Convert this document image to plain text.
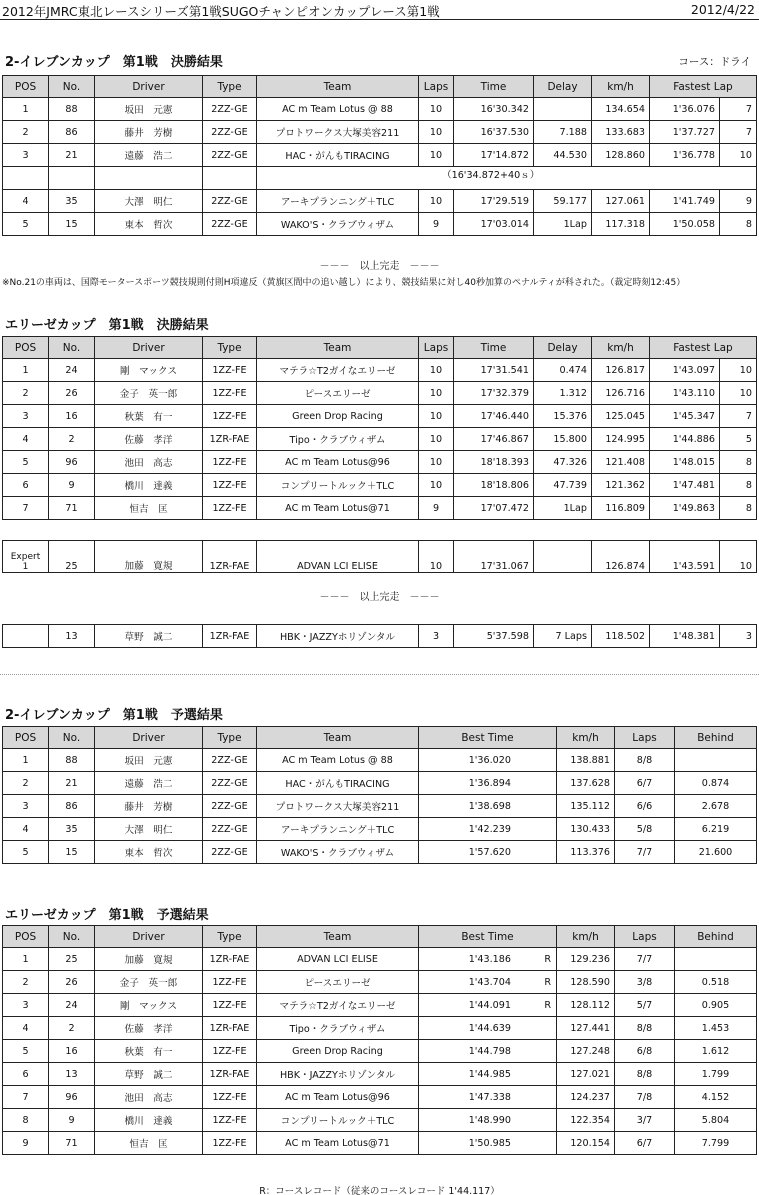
2012年JMRC東北レースシリーズ第1戦SUGOチャンピオンカップレース第1戦	2012/4/22
2-イレブンカップ　第1戦　決勝結果	コース：ドライ
POS	No.	Driver	Type	Team	Laps	Time	Delay	km/h	Fastest Lap	
1	88	坂田　元憲	2ZZ-GE	AC m Team Lotus @ 88	10	16'30.342		134.654	1'36.076	7
2	86	藤井　芳樹	2ZZ-GE	プロトワークス大塚美容211	10	16'37.530	7.188	133.683	1'37.727	7
3	21	遠藤　浩二	2ZZ-GE	HAC・がんもTIRACING	10	17'14.872	44.530	128.860	1'36.778	10
				（16'34.872+40ｓ）						
4	35	大澤　明仁	2ZZ-GE	アーキプランニング＋TLC	10	17'29.519	59.177	127.061	1'41.749	9
5	15	東本　哲次	2ZZ-GE	WAKO'S・クラブウィザム	9	17'03.014	1Lap	117.318	1'50.058	8
－－－　以上完走　－－－
※No.21の車両は、国際モータースポーツ競技規則付則H項違反（黄旗区間中の追い越し）により、競技結果に対し40秒加算のペナルティが科された。（裁定時刻12:45）
エリーゼカップ　第1戦　決勝結果
POS	No.	Driver	Type	Team	Laps	Time	Delay	km/h	Fastest Lap	
1	24	剛　マックス	1ZZ-FE	マテラ☆T2ガイなエリーゼ	10	17'31.541	0.474	126.817	1'43.097	10
2	26	金子　英一郎	1ZZ-FE	ピースエリーゼ	10	17'32.379	1.312	126.716	1'43.110	10
3	16	秋葉　有一	1ZZ-FE	Green Drop Racing	10	17'46.440	15.376	125.045	1'45.347	7
4	2	佐藤　孝洋	1ZR-FAE	Tipo・クラブウィザム	10	17'46.867	15.800	124.995	1'44.886	5
5	96	池田　高志	1ZZ-FE	AC m Team Lotus@96	10	18'18.393	47.326	121.408	1'48.015	8
6	9	橋川　達義	1ZZ-FE	コンプリートルック＋TLC	10	18'18.806	47.739	121.362	1'47.481	8
7	71	恒吉　匡	1ZZ-FE	AC m Team Lotus@71	9	17'07.472	1Lap	116.809	1'49.863	8
Expert
1	25	加藤　寛規	1ZR-FAE	ADVAN LCI ELISE	10	17'31.067		126.874	1'43.591	10
－－－　以上完走　－－－
	13	草野　誠二	1ZR-FAE	HBK・JAZZYホリゾンタル	3	5'37.598	7 Laps	118.502	1'48.381	3
2-イレブンカップ　第1戦　予選結果
POS	No.	Driver	Type	Team	Best Time	km/h	Laps	Behind
1	88	坂田　元憲	2ZZ-GE	AC m Team Lotus @ 88	1'36.020	138.881	8/8	
2	21	遠藤　浩二	2ZZ-GE	HAC・がんもTIRACING	1'36.894	137.628	6/7	0.874
3	86	藤井　芳樹	2ZZ-GE	プロトワークス大塚美容211	1'38.698	135.112	6/6	2.678
4	35	大澤　明仁	2ZZ-GE	アーキプランニング＋TLC	1'42.239	130.433	5/8	6.219
5	15	東本　哲次	2ZZ-GE	WAKO'S・クラブウィザム	1'57.620	113.376	7/7	21.600
エリーゼカップ　第1戦　予選結果
POS	No.	Driver	Type	Team	Best Time	km/h	Laps	Behind
1	25	加藤　寛規	1ZR-FAE	ADVAN LCI ELISE	1'43.186 R	129.236	7/7	
2	26	金子　英一郎	1ZZ-FE	ピースエリーゼ	1'43.704 R	128.590	3/8	0.518
3	24	剛　マックス	1ZZ-FE	マテラ☆T2ガイなエリーゼ	1'44.091 R	128.112	5/7	0.905
4	2	佐藤　孝洋	1ZR-FAE	Tipo・クラブウィザム	1'44.639	127.441	8/8	1.453
5	16	秋葉　有一	1ZZ-FE	Green Drop Racing	1'44.798	127.248	6/8	1.612
6	13	草野　誠二	1ZR-FAE	HBK・JAZZYホリゾンタル	1'44.985	127.021	8/8	1.799
7	96	池田　高志	1ZZ-FE	AC m Team Lotus@96	1'47.338	124.237	7/8	4.152
8	9	橋川　達義	1ZZ-FE	コンプリートルック＋TLC	1'48.990	122.354	3/7	5.804
9	71	恒吉　匡	1ZZ-FE	AC m Team Lotus@71	1'50.985	120.154	6/7	7.799
R：コースレコード（従来のコースレコード 1'44.117）
